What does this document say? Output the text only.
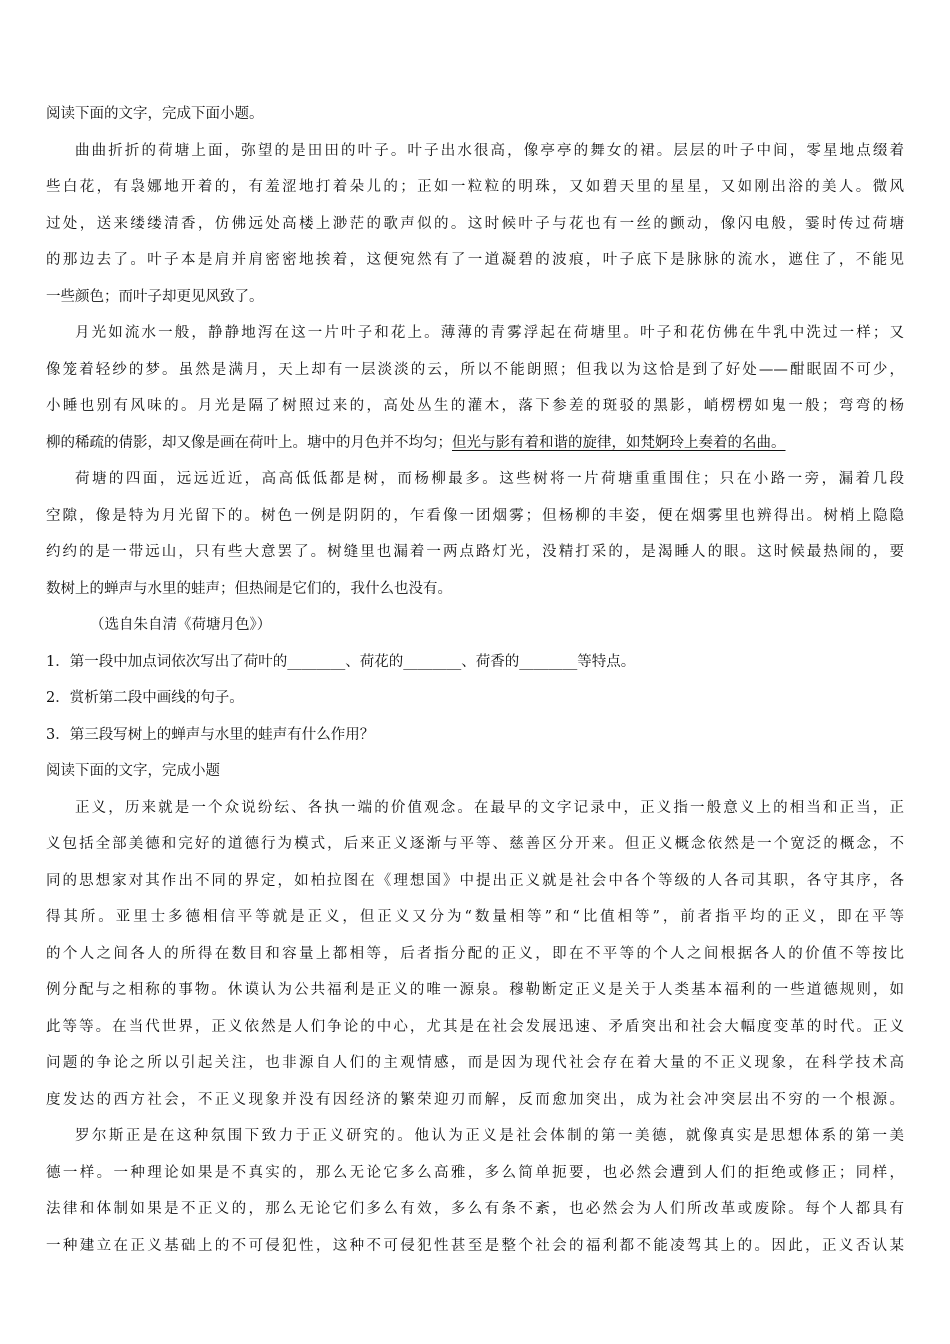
阅读下面的文字，完成下面小题。
曲曲折折的荷塘上面，弥望的是田田的叶子。叶子出水很高，像亭亭的舞女的裙。层层的叶子中间，零星地点缀着
些白花，有袅娜地开着的，有羞涩地打着朵儿的；正如一粒粒的明珠，又如碧天里的星星，又如刚出浴的美人。微风
过处，送来缕缕清香，仿佛远处高楼上渺茫的歌声似的。这时候叶子与花也有一丝的颤动，像闪电般，霎时传过荷塘
的那边去了。叶子本是肩并肩密密地挨着，这便宛然有了一道凝碧的波痕，叶子底下是脉脉的流水，遮住了，不能见
一些颜色；而叶子却更见风致了。
月光如流水一般，静静地泻在这一片叶子和花上。薄薄的青雾浮起在荷塘里。叶子和花仿佛在牛乳中洗过一样；又
像笼着轻纱的梦。虽然是满月，天上却有一层淡淡的云，所以不能朗照；但我以为这恰是到了好处——酣眠固不可少，
小睡也别有风味的。月光是隔了树照过来的，高处丛生的灌木，落下参差的斑驳的黑影，峭楞楞如鬼一般；弯弯的杨
柳的稀疏的倩影，却又像是画在荷叶上。塘中的月色并不均匀；但光与影有着和谐的旋律，如梵婀玲上奏着的名曲。
荷塘的四面，远远近近，高高低低都是树，而杨柳最多。这些树将一片荷塘重重围住；只在小路一旁，漏着几段
空隙，像是特为月光留下的。树色一例是阴阴的，乍看像一团烟雾；但杨柳的丰姿，便在烟雾里也辨得出。树梢上隐隐
约约的是一带远山，只有些大意罢了。树缝里也漏着一两点路灯光，没精打采的，是渴睡人的眼。这时候最热闹的，要
数树上的蝉声与水里的蛙声；但热闹是它们的，我什么也没有。
（选自朱自清《荷塘月色》）
1．第一段中加点词依次写出了荷叶的________、荷花的________、荷香的________等特点。
2．赏析第二段中画线的句子。
3．第三段写树上的蝉声与水里的蛙声有什么作用？
阅读下面的文字，完成小题
正义，历来就是一个众说纷纭、各执一端的价值观念。在最早的文字记录中，正义指一般意义上的相当和正当，正
义包括全部美德和完好的道德行为模式，后来正义逐渐与平等、慈善区分开来。但正义概念依然是一个宽泛的概念，不
同的思想家对其作出不同的界定，如柏拉图在《理想国》中提出正义就是社会中各个等级的人各司其职，各守其序，各
得其所。亚里士多德相信平等就是正义，但正义又分为“数量相等”和“比值相等”，前者指平均的正义，即在平等
的个人之间各人的所得在数目和容量上都相等，后者指分配的正义，即在不平等的个人之间根据各人的价值不等按比
例分配与之相称的事物。休谟认为公共福利是正义的唯一源泉。穆勒断定正义是关于人类基本福利的一些道德规则，如
此等等。在当代世界，正义依然是人们争论的中心，尤其是在社会发展迅速、矛盾突出和社会大幅度变革的时代。正义
问题的争论之所以引起关注，也非源自人们的主观情感，而是因为现代社会存在着大量的不正义现象，在科学技术高
度发达的西方社会，不正义现象并没有因经济的繁荣迎刃而解，反而愈加突出，成为社会冲突层出不穷的一个根源。
罗尔斯正是在这种氛围下致力于正义研究的。他认为正义是社会体制的第一美德，就像真实是思想体系的第一美
德一样。一种理论如果是不真实的，那么无论它多么高雅，多么简单扼要，也必然会遭到人们的拒绝或修正；同样，
法律和体制如果是不正义的，那么无论它们多么有效，多么有条不紊，也必然会为人们所改革或废除。每个人都具有
一种建立在正义基础上的不可侵犯性，这种不可侵犯性甚至是整个社会的福利都不能凌驾其上的。因此，正义否认某
